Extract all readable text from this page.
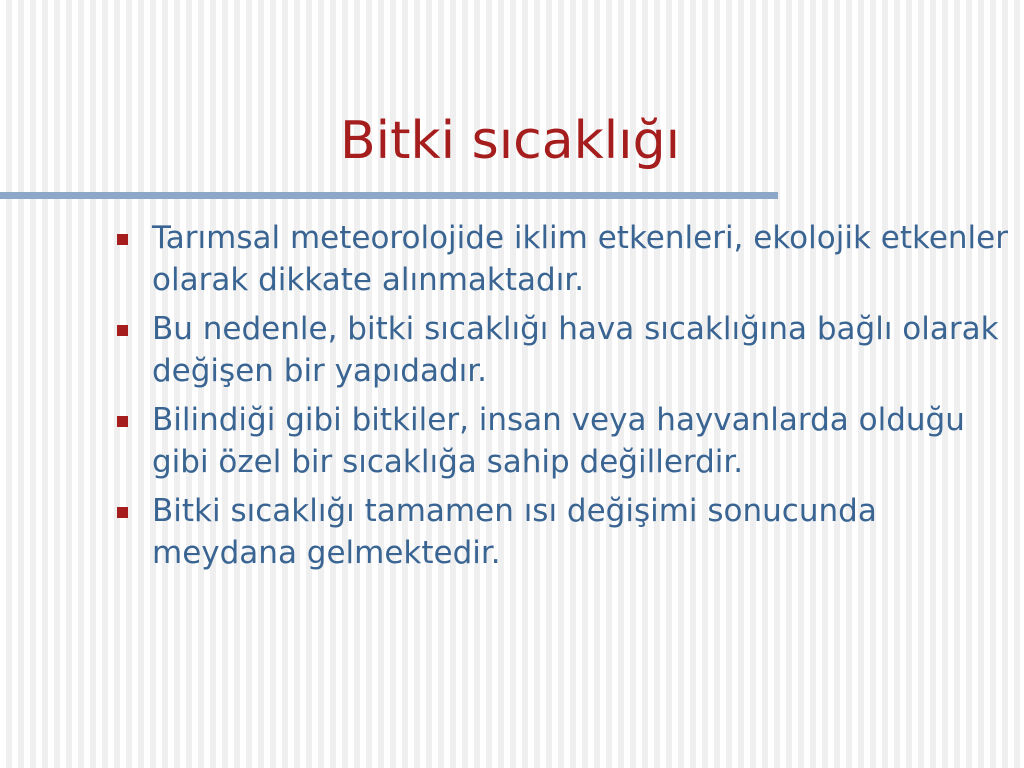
Bitki sıcaklığı
Tarımsal meteorolojide iklim etkenleri, ekolojik etkenler olarak dikkate alınmaktadır.
Bu nedenle, bitki sıcaklığı hava sıcaklığına bağlı olarak değişen bir yapıdadır.
Bilindiği gibi bitkiler, insan veya hayvanlarda olduğu gibi özel bir sıcaklığa sahip değillerdir.
Bitki sıcaklığı tamamen ısı değişimi sonucunda meydana gelmektedir.
